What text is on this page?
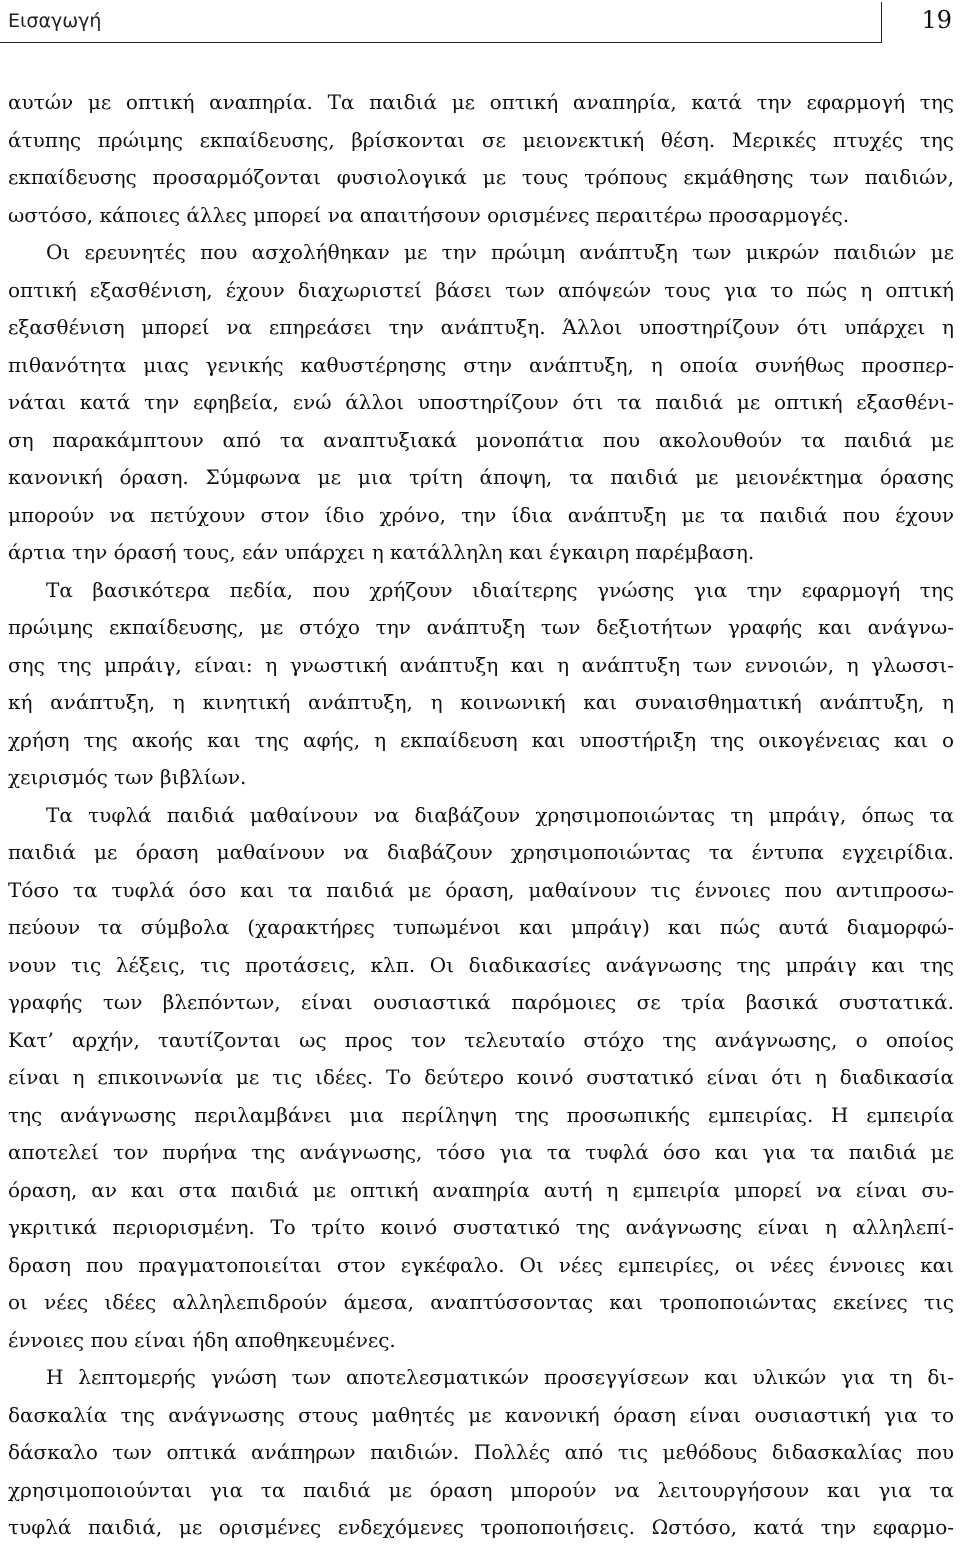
Εισαγωγή	19
αυτών με οπτική αναπηρία. Τα παιδιά με οπτική αναπηρία, κατά την εφαρμογή της
άτυπης πρώιμης εκπαίδευσης, βρίσκονται σε μειονεκτική θέση. Μερικές πτυχές της
εκπαίδευσης προσαρμόζονται φυσιολογικά με τους τρόπους εκμάθησης των παιδιών,
ωστόσο, κάποιες άλλες μπορεί να απαιτήσουν ορισμένες περαιτέρω προσαρμογές.
Οι ερευνητές που ασχολήθηκαν με την πρώιμη ανάπτυξη των μικρών παιδιών με
οπτική εξασθένιση, έχουν διαχωριστεί βάσει των απόψεών τους για το πώς η οπτική
εξασθένιση μπορεί να επηρεάσει την ανάπτυξη. Άλλοι υποστηρίζουν ότι υπάρχει η
πιθανότητα μιας γενικής καθυστέρησης στην ανάπτυξη, η οποία συνήθως προσπερ-
νάται κατά την εφηβεία, ενώ άλλοι υποστηρίζουν ότι τα παιδιά με οπτική εξασθένι-
ση παρακάμπτουν από τα αναπτυξιακά μονοπάτια που ακολουθούν τα παιδιά με
κανονική όραση. Σύμφωνα με μια τρίτη άποψη, τα παιδιά με μειονέκτημα όρασης
μπορούν να πετύχουν στον ίδιο χρόνο, την ίδια ανάπτυξη με τα παιδιά που έχουν
άρτια την όρασή τους, εάν υπάρχει η κατάλληλη και έγκαιρη παρέμβαση.
Τα βασικότερα πεδία, που χρήζουν ιδιαίτερης γνώσης για την εφαρμογή της
πρώιμης εκπαίδευσης, με στόχο την ανάπτυξη των δεξιοτήτων γραφής και ανάγνω-
σης της μπράιγ, είναι: η γνωστική ανάπτυξη και η ανάπτυξη των εννοιών, η γλωσσι-
κή ανάπτυξη, η κινητική ανάπτυξη, η κοινωνική και συναισθηματική ανάπτυξη, η
χρήση της ακοής και της αφής, η εκπαίδευση και υποστήριξη της οικογένειας και ο
χειρισμός των βιβλίων.
Τα τυφλά παιδιά μαθαίνουν να διαβάζουν χρησιμοποιώντας τη μπράιγ, όπως τα
παιδιά με όραση μαθαίνουν να διαβάζουν χρησιμοποιώντας τα έντυπα εγχειρίδια.
Τόσο τα τυφλά όσο και τα παιδιά με όραση, μαθαίνουν τις έννοιες που αντιπροσω-
πεύουν τα σύμβολα (χαρακτήρες τυπωμένοι και μπράιγ) και πώς αυτά διαμορφώ-
νουν τις λέξεις, τις προτάσεις, κλπ. Οι διαδικασίες ανάγνωσης της μπράιγ και της
γραφής των βλεπόντων, είναι ουσιαστικά παρόμοιες σε τρία βασικά συστατικά.
Κατ’ αρχήν, ταυτίζονται ως προς τον τελευταίο στόχο της ανάγνωσης, ο οποίος
είναι η επικοινωνία με τις ιδέες. Το δεύτερο κοινό συστατικό είναι ότι η διαδικασία
της ανάγνωσης περιλαμβάνει μια περίληψη της προσωπικής εμπειρίας. Η εμπειρία
αποτελεί τον πυρήνα της ανάγνωσης, τόσο για τα τυφλά όσο και για τα παιδιά με
όραση, αν και στα παιδιά με οπτική αναπηρία αυτή η εμπειρία μπορεί να είναι συ-
γκριτικά περιορισμένη. Το τρίτο κοινό συστατικό της ανάγνωσης είναι η αλληλεπί-
δραση που πραγματοποιείται στον εγκέφαλο. Οι νέες εμπειρίες, οι νέες έννοιες και
οι νέες ιδέες αλληλεπιδρούν άμεσα, αναπτύσσοντας και τροποποιώντας εκείνες τις
έννοιες που είναι ήδη αποθηκευμένες.
Η λεπτομερής γνώση των αποτελεσματικών προσεγγίσεων και υλικών για τη δι-
δασκαλία της ανάγνωσης στους μαθητές με κανονική όραση είναι ουσιαστική για το
δάσκαλο των οπτικά ανάπηρων παιδιών. Πολλές από τις μεθόδους διδασκαλίας που
χρησιμοποιούνται για τα παιδιά με όραση μπορούν να λειτουργήσουν και για τα
τυφλά παιδιά, με ορισμένες ενδεχόμενες τροποποιήσεις. Ωστόσο, κατά την εφαρμο-
